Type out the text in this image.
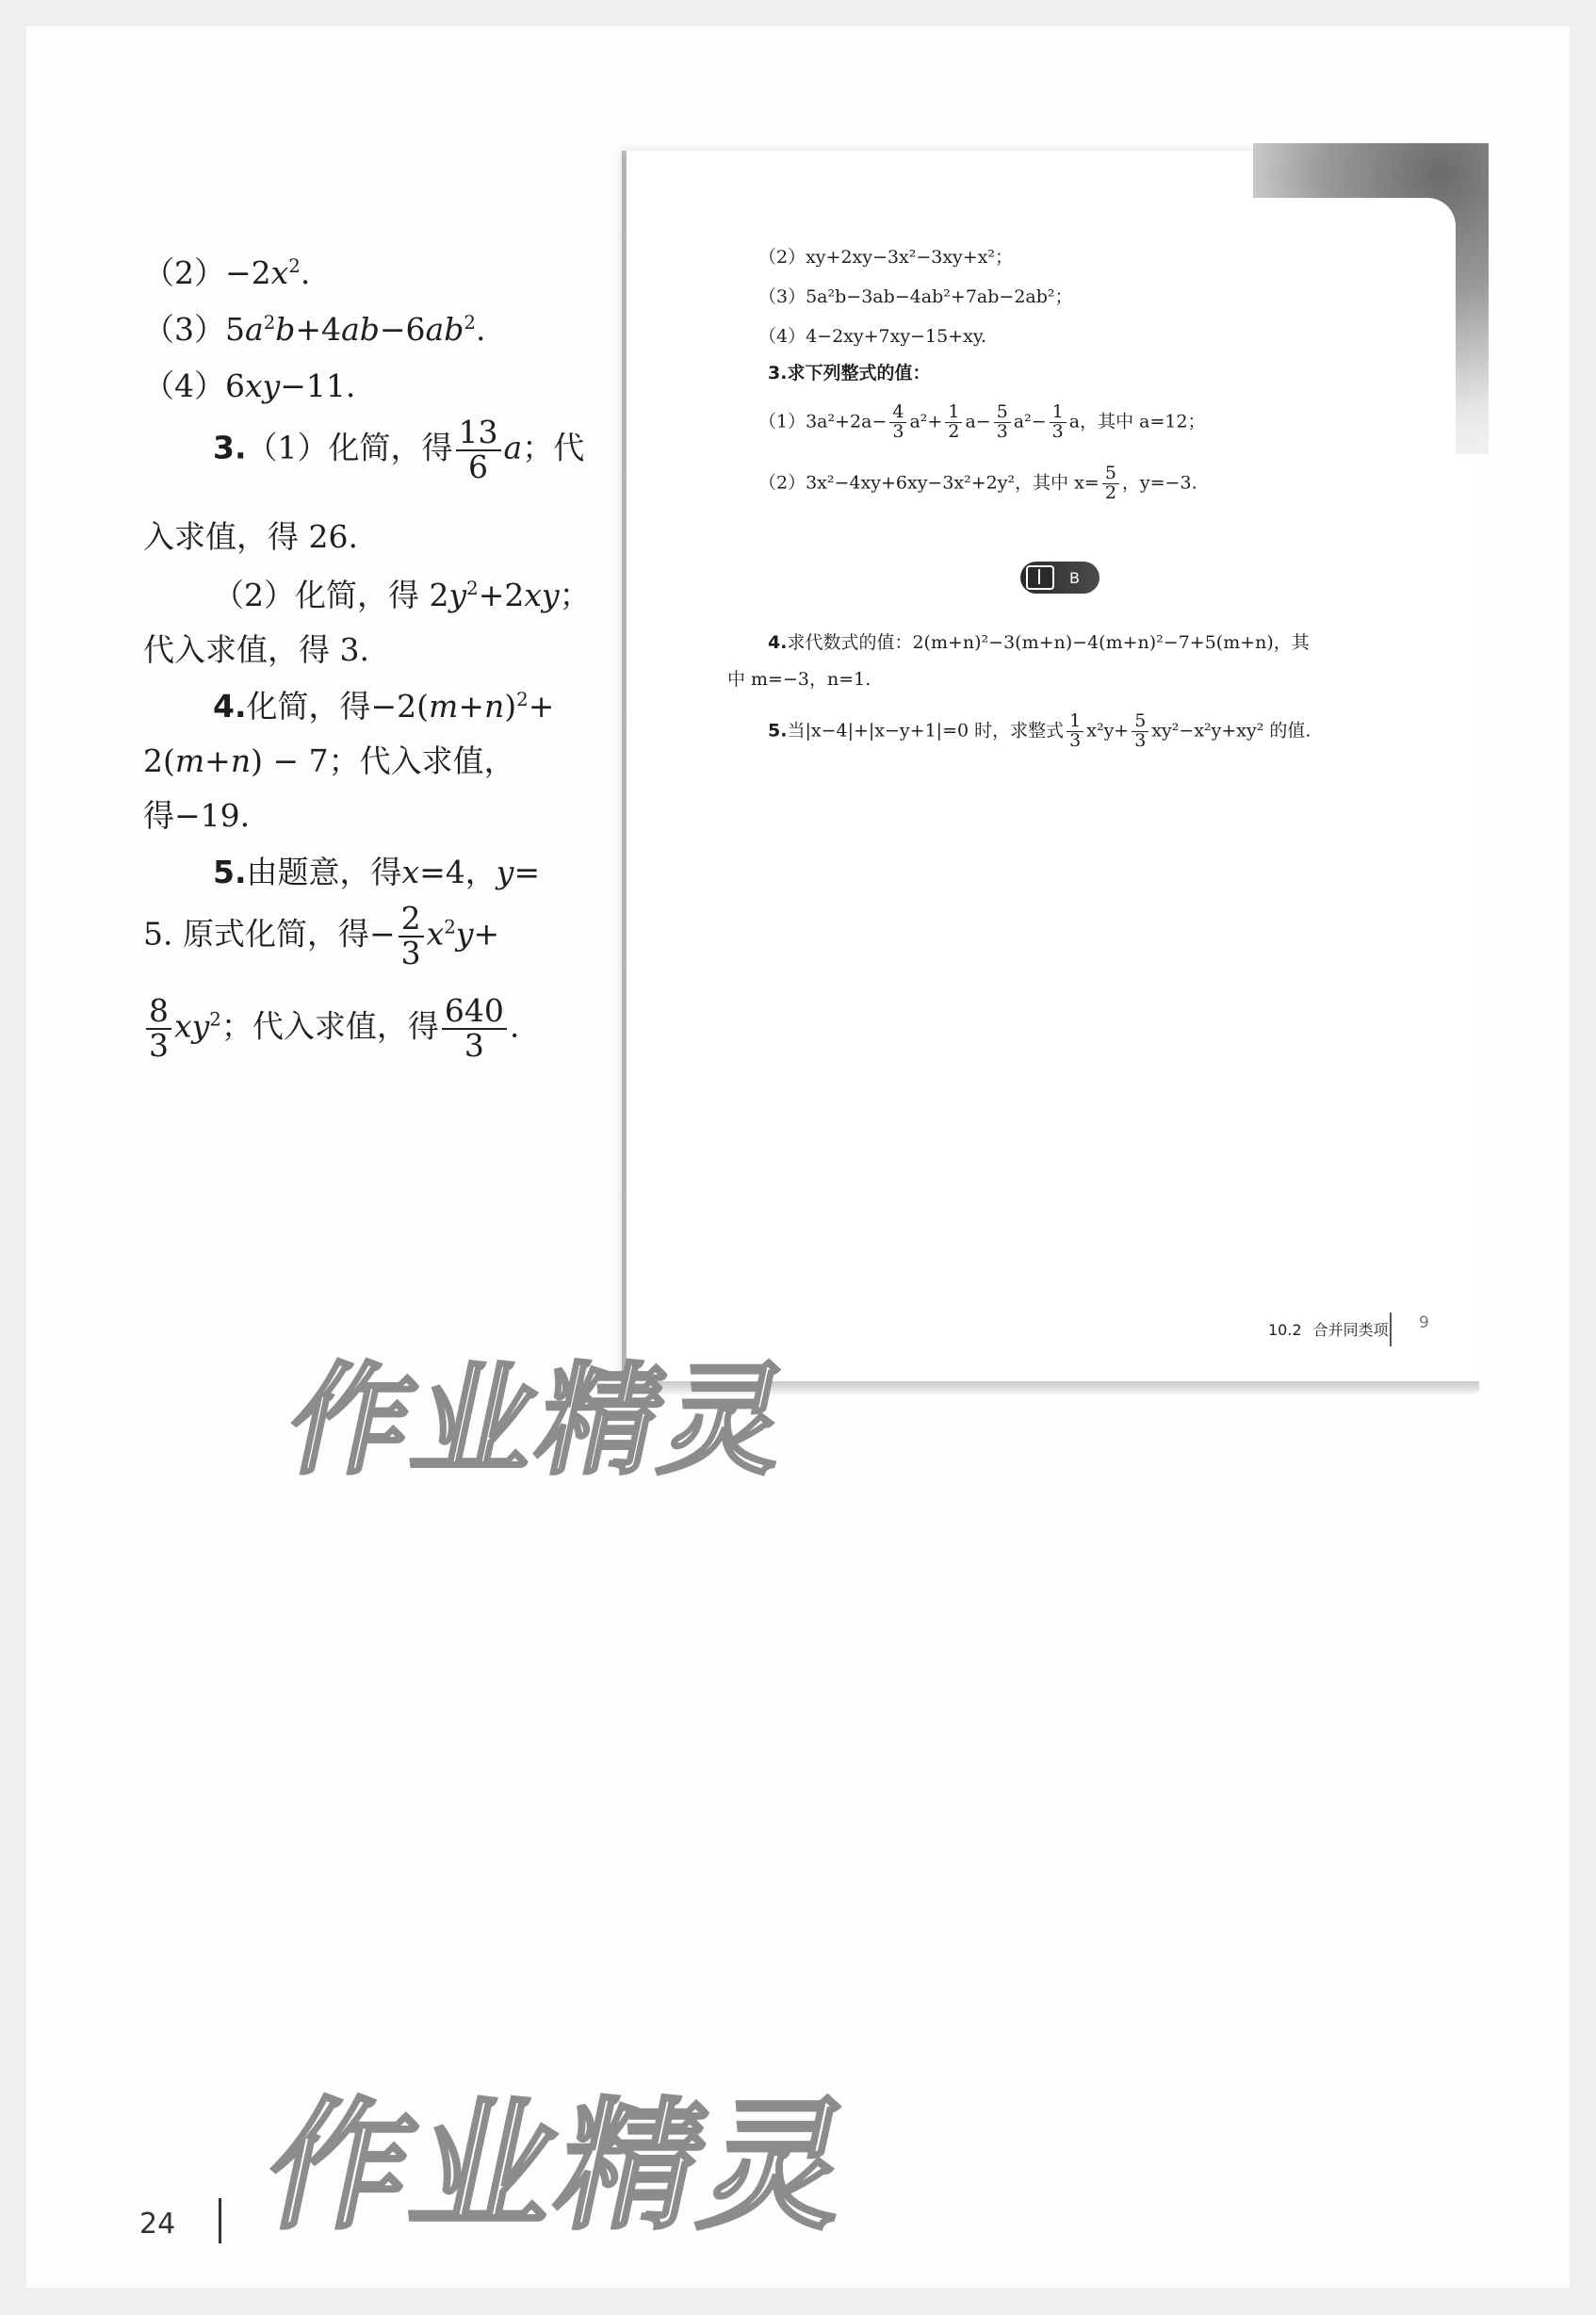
$(2)-2x^2$.
$(3)5a^2b+4ab-6ab^2$.
（4）6xy−11.
3.（1）化简，得 $\frac{13}{6}$ a；代
入求值，得 26.
（2）化简，得 $2y^2+2xy$；
代入求值，得 3.
4.化简，得$-2(m+n)^2+$
2(m+n) − 7；代入求值，
得−19.
5.由题意，得x=4，y=
5. 原式化简，得− $\frac{2}{3} x^2y+$
$\frac{8}{3} xy^2$；代入求值，得 $\frac{640}{3}$ .
（2）xy+2xy−3x²−3xy+x²；
（3）5a²b−3ab−4ab²+7ab−2ab²；
（4）4−2xy+7xy−15+xy.
3.求下列整式的值：
$(1)3a^2+2a- \frac{4}{3} a^2+ \frac{1}{2} a- \frac{5}{3} a^2- \frac{1}{3}$ a，其中 a=12；
（2）3x²−4xy+6xy−3x²+2y²，其中 $x= \frac{5}{2}$ ，y=−3.
B
4.求代数式的值：2(m+n)²−3(m+n)−4(m+n)²−7+5(m+n)，其
中 m=−3，n=1.
5.当|x−4|+|x−y+1|=0 时，求整式 $\frac{1}{3} x^2y+ \frac{5}{3} xy^2-x^2y+xy^2$ 的值.
10.2 合并同类项 9
作业精灵
作业精灵
24
